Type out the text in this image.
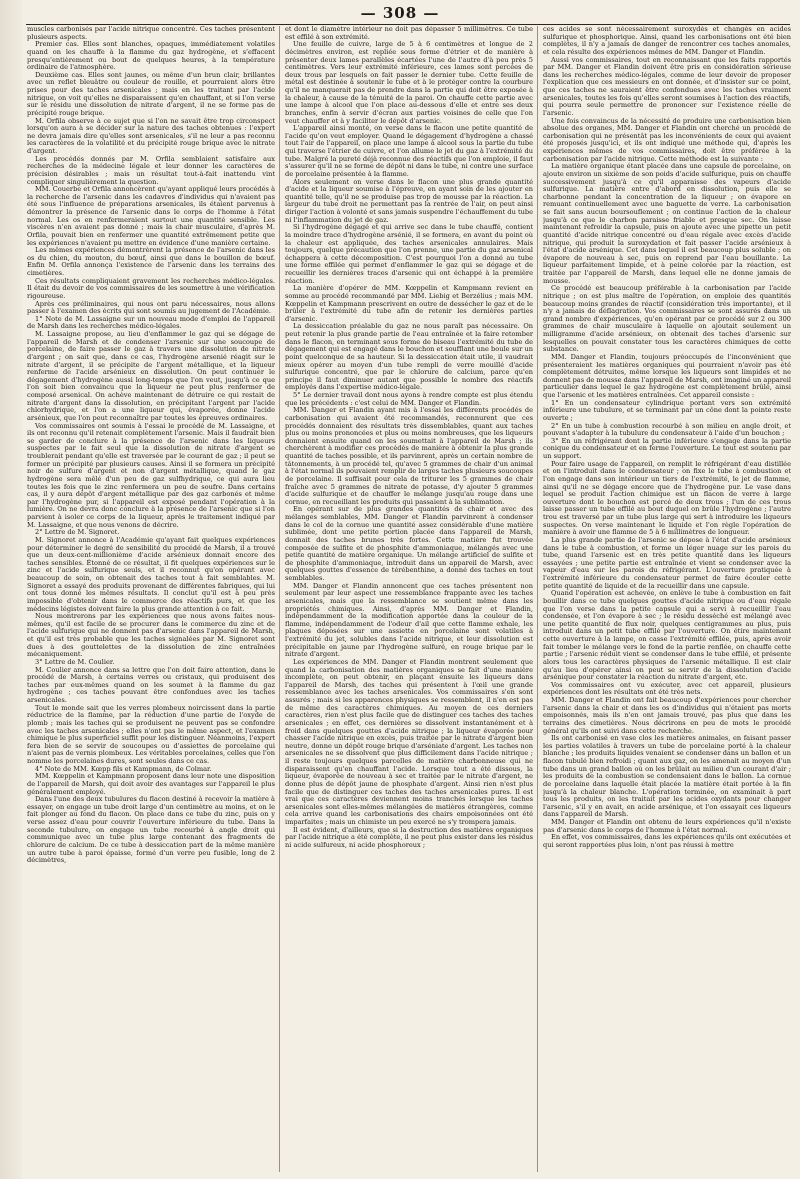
— 308 —

muscles carbonisés par l'acide nitrique concentré. Ces taches présentent plusieurs aspects.

Premier cas. Elles sont blanches, opaques, immédiatement volatiles quand on les chauffe à la flamme du gaz hydrogène, et s'effacent presqu'entièrement ou bout de quelques heures, à la température ordinaire de l'atmosphère.

Deuxième cas. Elles sont jaunes, ou même d'un brun clair, brillantes avec un reflet bleuâtre ou couleur de rouille, et pourraient alors être prises pour des taches arsenicales ; mais en les traitant par l'acide nitrique, on voit qu'elles ne disparaissent qu'en chauffant, et si l'on verse sur le résidu une dissolution de nitrate d'argent, il ne se forme pas de précipité rouge brique.

M. Orfila observe à ce sujet que si l'on ne savait être trop circonspect lorsqu'on aura à se décider sur la nature des taches obtenues : l'expert ne devra jamais dire qu'elles sont arsenicales, s'il ne leur a pas reconnu les caractères de la volatilité et du précipité rouge brique avec le nitrate d'argent.

Les procédés donnés par M. Orfila semblaient satisfaire aux recherches de la médecine légale et leur donner les caractères de précision désirables ; mais un résultat tout-à-fait inattendu vint compliquer singulièrement la question.

MM. Couerbe et Orfila annoncèrent qu'ayant appliqué leurs procédés à la recherche de l'arsenic dans les cadavres d'individus qui n'avaient pas été sous l'influence de préparations arsenicales, ils étaient parvenus à démontrer la présence de l'arsenic dans le corps de l'homme à l'état normal. Les os en renfermeraient surtout une quantité sensible. Les viscères n'en avaient pas donné ; mais la chair musculaire, d'après M. Orfila, pouvait bien en renfermer une quantité extrêmement petite que les expériences n'avaient pu mettre en évidence d'une manière certaine.

Les mêmes expériences démontrèrent la présence de l'arsenic dans les os du chien, du mouton, du bœuf, ainsi que dans le bouillon de bœuf. Enfin M. Orfila annonça l'existence de l'arsenic dans les terrains des cimetières.

Ces résultats compliquaient gravement les recherches médico-légales. Il était du devoir de vos commissaires de les soumettre à une vérification rigoureuse.

Après ces préliminaires, qui nous ont paru nécessaires, nous allons passer à l'examen des écrits qui sont soumis au jugement de l'Académie.

1° Note de M. Lassaigne sur un nouveau mode d'emploi de l'appareil de Marsh dans les recherches médico-légales.

M. Lassaigne propose, au lieu d'enflammer le gaz qui se dégage de l'appareil de Marsh et de condenser l'arsenic sur une soucoupe de porcelaine, de faire passer le gaz à travers une dissolution de nitrate d'argent ; on sait que, dans ce cas, l'hydrogène arsenié réagit sur le nitrate d'argent, il se précipite de l'argent métallique, et la liqueur renferme de l'acide arsénieux en dissolution. On peut continuer le dégagement d'hydrogène aussi long-temps que l'on veut, jusqu'à ce que l'on soit bien convaincu que la liqueur ne peut plus renfermer de composé arsenical. On achève maintenant de détruire ce qui restait de nitrate d'argent dans la dissolution, en précipitant l'argent par l'acide chlorhydrique, et l'on a une liqueur qui, évaporée, donne l'acide arsénieux, que l'on peut reconnaître par toutes les épreuves ordinaires.

Vos commissaires ont soumis à l'essai le procédé de M. Lassaigne, et ils ont reconnu qu'il retenait complètement l'arsenic. Mais il faudrait bien se garder de conclure à la présence de l'arsenic dans les liqueurs suspectes par le fait seul que la dissolution de nitrate d'argent se troublerait pendant qu'elle est traversée par le courant de gaz ; il peut se former un précipité par plusieurs causes. Ainsi il se formera un précipité noir de sulfure d'argent et non d'argent métallique, quand le gaz hydrogène sera mêlé d'un peu de gaz sulfhydrique, ce qui aura lieu toutes les fois que le zinc renfermera un peu de soufre. Dans certains cas, il y aura dépôt d'argent métallique par des gaz carbonés et même par l'hydrogène pur, si l'appareil est exposé pendant l'opération à la lumière. On ne devra donc conclure à la présence de l'arsenic que si l'on parvient à isoler ce corps de la liqueur, après le traitement indiqué par M. Lassaigne, et que nous venons de décrire.

2° Lettre de M. Signoret.

M. Signoret annonce à l'Académie qu'ayant fait quelques expériences pour déterminer le degré de sensibilité du procédé de Marsh, il a trouvé que un deux-cent-millionième d'acide arsénieux donnait encore des taches sensibles. Étonné de ce résultat, il fit quelques expériences sur le zinc et l'acide sulfurique seuls, et il reconnut qu'on opérant avec beaucoup de soin, on obtenait des taches tout à fait semblables. M. Signoret a essayé des produits provenant de différentes fabriques, qui lui ont tous donné les mêmes résultats. Il conclut qu'il est à peu près impossible d'obtenir dans le commerce des réactifs purs, et que les médecins légistes doivent faire la plus grande attention à ce fait.

Nous montrerons par les expériences que nous avons faites nous-mêmes, qu'il est facile de se procurer dans le commerce du zinc et de l'acide sulfurique qui ne donnent pas d'arsenic dans l'appareil de Marsh, et qu'il est très probable que les taches signalées par M. Signoret sont dues à des gouttelettes de la dissolution de zinc entraînées mécaniquement.

3° Lettre de M. Coulier.

M. Coulier annonce dans sa lettre que l'on doit faire attention, dans le procédé de Marsh, à certains verres ou cristaux, qui produisent des taches par eux-mêmes quand on les soumet à la flamme du gaz hydrogène ; ces taches pouvant être confondues avec les taches arsenicales.

Tout le monde sait que les verres plombeux noircissent dans la partie réductrice de la flamme, par la réduction d'une partie de l'oxyde de plomb ; mais les taches qui se produisent ne peuvent pas se confondre avec les taches arsenicales ; elles n'ont pas le même aspect, et l'examen chimique le plus superficiel suffit pour les distinguer. Néanmoins, l'expert fera bien de se servir de soucoupes ou d'assiettes de porcelaine qui n'aient pas de vernis plombeux. Les véritables porcelaines, celles que l'on nomme les porcelaines dures, sont seules dans ce cas.

4° Note de MM. Kœpp fils et Kampmann, de Colmar.

MM. Kœppelin et Kampmann proposent dans leur note une disposition de l'appareil de Marsh, qui doit avoir des avantages sur l'appareil le plus généralement employé.

Dans l'une des deux tubulures du flacon destiné à recevoir la matière à essayer, on engage un tube droit large d'un centimètre au moins, et on le fait plonger au fond du flacon. On place dans ce tube du zinc, puis on y verse assez d'eau pour couvrir l'ouverture inférieure du tube. Dans la seconde tubulure, on engage un tube recourbé à angle droit qui communique avec un tube plus large contenant des fragments de chlorure de calcium. De ce tube à dessiccation part de la même manière un autre tube à paroi épaisse, formé d'un verre peu fusible, long de 2 décimètres,

et dont le diamètre intérieur ne doit pas dépasser 5 millimètres. Ce tube est effilé à son extrémité.

Une feuille de cuivre, large de 5 à 6 centimètres et longue de 2 décimètres environ, est repliée sous forme d'étrier et de manière à présenter deux lames parallèles écartées l'une de l'autre d'à peu près 5 centimètres. Vers leur extrémité inférieure, ces lames sont percées de deux trous par lesquels on fait passer le dernier tube. Cette feuille de métal est destinée à soutenir le tube et à le protéger contre la courbure qu'il ne manquerait pas de prendre dans la partie qui doit être exposée à la chaleur, à cause de la ténuité de la paroi. On chauffe cette partie avec une lampe à alcool que l'on place au-dessous d'elle et entre ses deux branches, enfin à servir d'écran aux parties voisines de celle que l'on veut chauffer et à y faciliter le dépôt d'arsenic.

L'appareil ainsi monté, on verse dans le flacon une petite quantité de l'acide qu'on veut employer. Quand le dégagement d'hydrogène a chassé tout l'air de l'appareil, on place une lampe à alcool sous la partie du tube qui traverse l'étrier de cuivre, et l'on allume le jet du gaz à l'extrémité du tube. Malgré la pureté déjà reconnue des réactifs que l'on emploie, il faut s'assurer qu'il ne se forme de dépôt ni dans le tube, ni contre une surface de porcelaine présentée à la flamme.

Alors seulement on verse dans le flacon une plus grande quantité d'acide et la liqueur soumise à l'épreuve, en ayant soin de les ajouter en quantité telle, qu'il ne se produise pas trop de mousse par la réaction. La largeur du tube droit ne permettant pas la rentrée de l'air, on peut ainsi diriger l'action à volonté et sans jamais suspendre l'échauffement du tube ni l'inflammation du jet de gaz.

Si l'hydrogène dégagé et qui arrive sec dans le tube chauffé, contient la moindre trace d'hydrogène arsénié, il se formera, en avant du point où la chaleur est appliquée, des taches arsenicales annulaires. Mais toujours, quelque précaution que l'on prenne, une partie du gaz arsenical échappera à cette décomposition. C'est pourquoi l'on a donné au tube une forme effilée qui permet d'enflammer le gaz qui se dégage et de recueillir les dernières traces d'arsenic qui ont échappé à la première réaction.

La manière d'opérer de MM. Kœppelin et Kampmann revient en somme au procédé recommandé par MM. Liebig et Berzélius ; mais MM. Kœppelin et Kampmann prescrivent en outre de dessécher le gaz et de le brûler à l'extrémité du tube afin de retenir les dernières parties d'arsenic.

La dessiccation préalable du gaz ne nous paraît pas nécessaire. On peut retenir la plus grande partie de l'eau entraînée et la faire retomber dans le flacon, en terminant sous forme de biseau l'extrémité du tube de dégagement qui est engagé dans le bouchon et soufflant une boule sur un point quelconque de sa hauteur. Si la dessiccation était utile, il vaudrait mieux opérer au moyen d'un tube rempli de verre mouillé d'acide sulfurique concentré, que par le chlorure de calcium, parce qu'en principe il faut diminuer autant que possible le nombre des réactifs employés dans l'expertise médico-légale.

5° Le dernier travail dont nous ayons à rendre compte est plus étendu que les précédents : c'est celui de MM. Danger et Flandin.

MM. Danger et Flandin ayant mis à l'essai les différents procédés de carbonisation qui avaient été recommandés, reconnurent que ces procédés donnaient des résultats très dissemblables, quant aux taches plus ou moins prononcées et plus ou moins nombreuses, que les liqueurs donnaient ensuite quand on les soumettait à l'appareil de Marsh ; ils cherchèrent à modifier ces procédés de manière à obtenir la plus grande quantité de taches possible, et ils parvinrent, après un certain nombre de tâtonnements, à un procédé tel, qu'avec 5 grammes de chair d'un animal à l'état normal ils pouvaient remplir de larges taches plusieurs soucoupes de porcelaine. Il suffisait pour cela de triturer les 5 grammes de chair fraîche avec 5 grammes de nitrate de potasse, d'y ajouter 5 grammes d'acide sulfurique et de chauffer le mélange jusqu'au rouge dans une cornue, en recueillant les produits qui passaient à la sublimation.

En opérant sur de plus grandes quantités de chair et avec des mélanges semblables, MM. Danger et Flandin parvinrent à condenser dans le col de la cornue une quantité assez considérable d'une matière sublimée, dont une petite portion placée dans l'appareil de Marsh, donnait des taches brunes très fortes. Cette matière fut trouvée composée de sulfite et de phosphite d'ammoniaque, mélangés avec une petite quantité de matière organique. Un mélange artificiel de sulfite et de phosphite d'ammoniaque, introduit dans un appareil de Marsh, avec quelques gouttes d'essence de térébenthine, a donné des taches en tout semblables.

MM. Danger et Flandin annoncent que ces taches présentent non seulement par leur aspect une ressemblance frappante avec les taches arsenicales, mais que la ressemblance se soutient même dans les propriétés chimiques. Ainsi, d'après MM. Danger et Flandin, indépendamment de la modification apportée dans la couleur de la flamme, indépendamment de l'odeur d'ail que cette flamme exhale, les plaques déposées sur une assiette en porcelaine sont volatiles à l'extrémité du jet, solubles dans l'acide nitrique, et leur dissolution est précipitable en jaune par l'hydrogène sulfuré, en rouge brique par le nitrate d'argent.

Les expériences de MM. Danger et Flandin montrent seulement que quand la carbonisation des matières organiques se fait d'une manière incomplète, on peut obtenir, en plaçant ensuite les liqueurs dans l'appareil de Marsh, des taches qui présentent à l'œil une grande ressemblance avec les taches arsenicales. Vos commissaires s'en sont assurés ; mais si les apparences physiques se ressemblent, il n'en est pas de même des caractères chimiques. Au moyen de ces derniers caractères, rien n'est plus facile que de distinguer ces taches des taches arsenicales ; en effet, ces dernières se dissolvent instantanément et à froid dans quelques gouttes d'acide nitrique ; la liqueur évaporée pour chasser l'acide nitrique en excès, puis traitée par le nitrate d'argent bien neutre, donne un dépôt rouge brique d'arséniate d'argent. Les taches non arsenicales ne se dissolvent que plus difficilement dans l'acide nitrique ; il reste toujours quelques parcelles de matière charbonneuse qui ne disparaissent qu'en chauffant l'acide. Lorsque tout a été dissous, la liqueur, évaporée de nouveau à sec et traitée par le nitrate d'argent, ne donne plus de dépôt jaune de phosphate d'argent. Ainsi rien n'est plus facile que de distinguer ces taches des taches arsenicales pures. Il est vrai que ces caractères deviennent moins tranchés lorsque les taches arsenicales sont elles-mêmes mélangées de matières étrangères, comme cela arrive quand les carbonisations des chairs empoisonnées ont été imparfaites ; mais un chimiste un peu exercé ne s'y trompera jamais.

Il est évident, d'ailleurs, que si la destruction des matières organiques par l'acide nitrique a été complète, il ne peut plus exister dans les résidus ni acide sulfureux, ni acide phosphoreux ;

ces acides se sont nécessairement suroxydés et changés en acides sulfurique et phosphorique. Ainsi, quand les carbonisations ont été bien complètes, il n'y a jamais de danger de rencontrer ces taches anomales, et cela résulte des expériences mêmes de MM. Danger et Flandin.

Aussi vos commissaires, tout en reconnaissant que les faits rapportés par MM. Danger et Flandin doivent être pris en considération sérieuse dans les recherches médico-légales, comme de leur devoir de proposer l'explication que ces messieurs en ont donnée, et d'insister sur ce point, que ces taches ne sauraient être confondues avec les taches vraiment arsenicales, toutes les fois qu'elles seront soumises à l'action des réactifs, qui pourra seule permettre de prononcer sur l'existence réelle de l'arsenic.

Une fois convaincus de la nécessité de produire une carbonisation bien absolue des organes, MM. Danger et Flandin ont cherché un procédé de carbonisation qui ne présentât pas les inconvénients de ceux qui avaient été proposés jusqu'ici, et ils ont indiqué une méthode qui, d'après les expériences mêmes de vos commissaires, doit être préférée à la carbonisation par l'acide nitrique. Cette méthode est la suivante :

La matière organique étant placée dans une capsule de porcelaine, on ajoute environ un sixième de son poids d'acide sulfurique, puis on chauffe successivement jusqu'à ce qu'il apparaisse des vapeurs d'acide sulfurique. La matière entre d'abord en dissolution, puis elle se charbonne pendant la concentration de la liqueur ; on évapore en remuant continuellement avec une baguette de verre. La carbonisation se fait sans aucun boursouflement ; on continue l'action de la chaleur jusqu'à ce que le charbon paraisse friable et presque sec. On laisse maintenant refroidir la capsule, puis on ajoute avec une pipette un petit quantité d'acide nitrique concentré ou d'eau régale avec excès d'acide nitrique, qui produit la suroxydation et fait passer l'acide arsénieux à l'état d'acide arsénique. Cet dans lequel il est beaucoup plus soluble ; on évapore de nouveau à sec, puis on reprend par l'eau bouillante. La liqueur parfaitement limpide, et à peine colorée par la réaction, est traitée par l'appareil de Marsh, dans lequel elle ne donne jamais de mousse.

Ce procédé est beaucoup préférable à la carbonisation par l'acide nitrique ; on est plus maître de l'opération, on emploie des quantités beaucoup moins grandes de réactif (considération très importante), et il n'y a jamais de déflagration. Vos commissaires se sont assurés dans un grand nombre d'expériences, qu'en opérant par ce procédé sur 2 ou 300 grammes de chair musculaire à laquelle on ajoutait seulement un milligramme d'acide arsénieux, on obtenait des taches d'arsenic sur lesquelles on pouvait constater tous les caractères chimiques de cette substance.

MM. Danger et Flandin, toujours préoccupés de l'inconvénient que présenteraient les matières organiques qui pourraient n'avoir pas été complètement détruites, même lorsque les liqueurs sont limpides et ne donnent pas de mousse dans l'appareil de Marsh, ont imaginé un appareil particulier dans lequel le gaz hydrogène est complètement brûlé, ainsi que l'arsenic et les matières entraînées. Cet appareil consiste :

1° En un condensateur cylindrique portant vers son extrémité inférieure une tubulure, et se terminant par un cône dont la pointe reste ouverte ;

2° En un tube à combustion recourbé à son milieu en angle droit, et pouvant s'adapter à la tubulure du condensateur à l'aide d'un bouchon ;

3° En un réfrigérant dont la partie inférieure s'engage dans la partie conique du condensateur et en ferme l'ouverture. Le tout est soutenu par un support.

Pour faire usage de l'appareil, on remplit le réfrigérant d'eau distillée et on l'introduit dans le condensateur ; on fixe le tube à combustion et l'on engage dans son intérieur un tiers de l'extrémité, le jet de flamme, ainsi qu'il ne se dégage encore que de l'hydrogène pur. Le vase dans lequel se produit l'action chimique est un flacon de verre à large ouverture dont le bouchon est percé de deux trous ; l'un de ces trous laisse passer un tube effilé au bout duquel on brûle l'hydrogène ; l'autre trou est traversé par un tube plus large qui sert à introduire les liqueurs suspectes. On verse maintenant le liquide et l'on règle l'opération de manière à avoir une flamme de 5 à 6 millimètres de longueur.

La plus grande partie de l'arsenic se dépose à l'état d'acide arsénieux dans le tube à combustion, et forme un léger nuage sur les parois du tube, quand l'arsenic est en très petite quantité dans les liqueurs essayées ; une petite partie est entraînée et vient se condenser avec la vapeur d'eau sur les parois du réfrigérant. L'ouverture pratiquée à l'extrémité inférieure du condensateur permet de faire écouler cette petite quantité de liquide et de la recueillir dans une capsule.

Quand l'opération est achevée, on enlève le tube à combustion en fait bouillir dans ce tube quelques gouttes d'acide nitrique ou d'eau régale que l'on verse dans la petite capsule qui a servi à recueillir l'eau condensée, et l'on évapore à sec ; le résidu desséché est mélangé avec une petite quantité de flux noir, quelques centigrammes au plus, puis introduit dans un petit tube effilé par l'ouverture. On étire maintenant cette ouverture à la lampe, on casse l'extrémité effilée, puis, après avoir fait tomber le mélange vers le fond de la partie renflée, on chauffe cette partie ; l'arsenic réduit vient se condenser dans le tube effilé, et présente alors tous les caractères physiques de l'arsenic métallique. Il est clair qu'au lieu d'opérer ainsi on peut se servir de la dissolution d'acide arsénique pour constater la réaction du nitrate d'argent, etc.

Vos commissaires ont vu exécuter, avec cet appareil, plusieurs expériences dont les résultats ont été très nets.

MM. Danger et Flandin ont fait beaucoup d'expériences pour chercher l'arsenic dans la chair et dans les os d'individus qui n'étaient pas morts empoisonnés, mais ils n'en ont jamais trouvé, pas plus que dans les terrains des cimetières. Nous décrirons en peu de mots le procédé général qu'ils ont suivi dans cette recherche.

Ils ont carbonisé en vase clos les matières animales, en faisant passer les parties volatiles à travers un tube de porcelaine porté à la chaleur blanche ; les produits liquides venaient se condenser dans un ballon et un flacon tubulé bien refroidi ; quant aux gaz, on les amenait au moyen d'un tube dans un grand ballon où on les brûlait au milieu d'un courant d'air ; les produits de la combustion se condensaient dans le ballon. La cornue de porcelaine dans laquelle était placée la matière était portée à la fin jusqu'à la chaleur blanche. L'opération terminée, on examinait à part tous les produits, on les traitait par les acides oxydants pour changer l'arsenic, s'il y en avait, en acide arsénique, et l'on essayait ces liqueurs dans l'appareil de Marsh.

MM. Danger et Flandin ont obtenu de leurs expériences qu'il n'existe pas d'arsenic dans le corps de l'homme à l'état normal.

En effet, vos commissaires, dans les expériences qu'ils ont exécutées et qui seront rapportées plus loin, n'ont pas réussi à mettre
